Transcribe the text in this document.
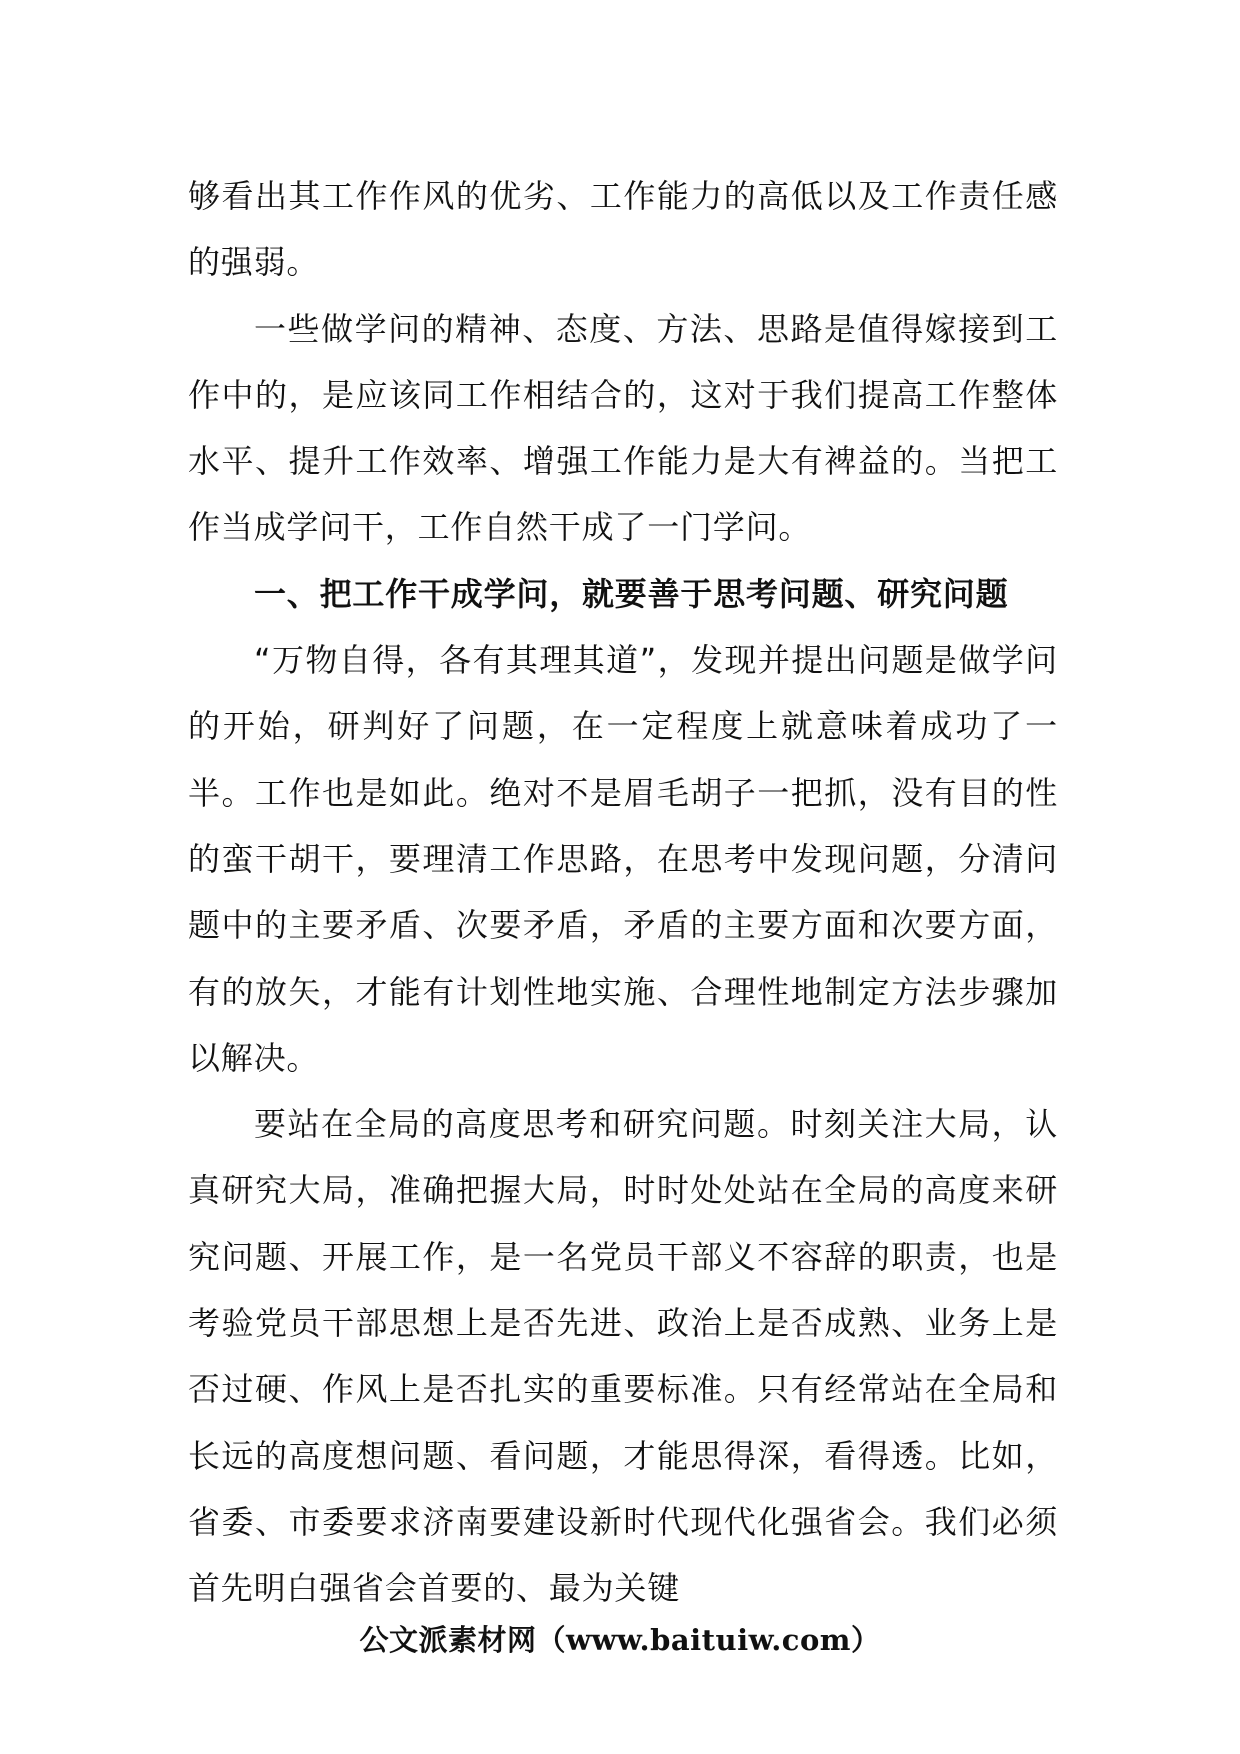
够看出其工作作风的优劣、工作能力的高低以及工作责任感的强弱。

一些做学问的精神、态度、方法、思路是值得嫁接到工作中的，是应该同工作相结合的，这对于我们提高工作整体水平、提升工作效率、增强工作能力是大有裨益的。当把工作当成学问干，工作自然干成了一门学问。

一、把工作干成学问，就要善于思考问题、研究问题

“万物自得，各有其理其道”，发现并提出问题是做学问的开始，研判好了问题，在一定程度上就意味着成功了一半。工作也是如此。绝对不是眉毛胡子一把抓，没有目的性的蛮干胡干，要理清工作思路，在思考中发现问题，分清问题中的主要矛盾、次要矛盾，矛盾的主要方面和次要方面，有的放矢，才能有计划性地实施、合理性地制定方法步骤加以解决。

要站在全局的高度思考和研究问题。时刻关注大局，认真研究大局，准确把握大局，时时处处站在全局的高度来研究问题、开展工作，是一名党员干部义不容辞的职责，也是考验党员干部思想上是否先进、政治上是否成熟、业务上是否过硬、作风上是否扎实的重要标准。只有经常站在全局和长远的高度想问题、看问题，才能思得深，看得透。比如，省委、市委要求济南要建设新时代现代化强省会。我们必须首先明白强省会首要的、最为关键

公文派素材网（www.baituiw.com）
